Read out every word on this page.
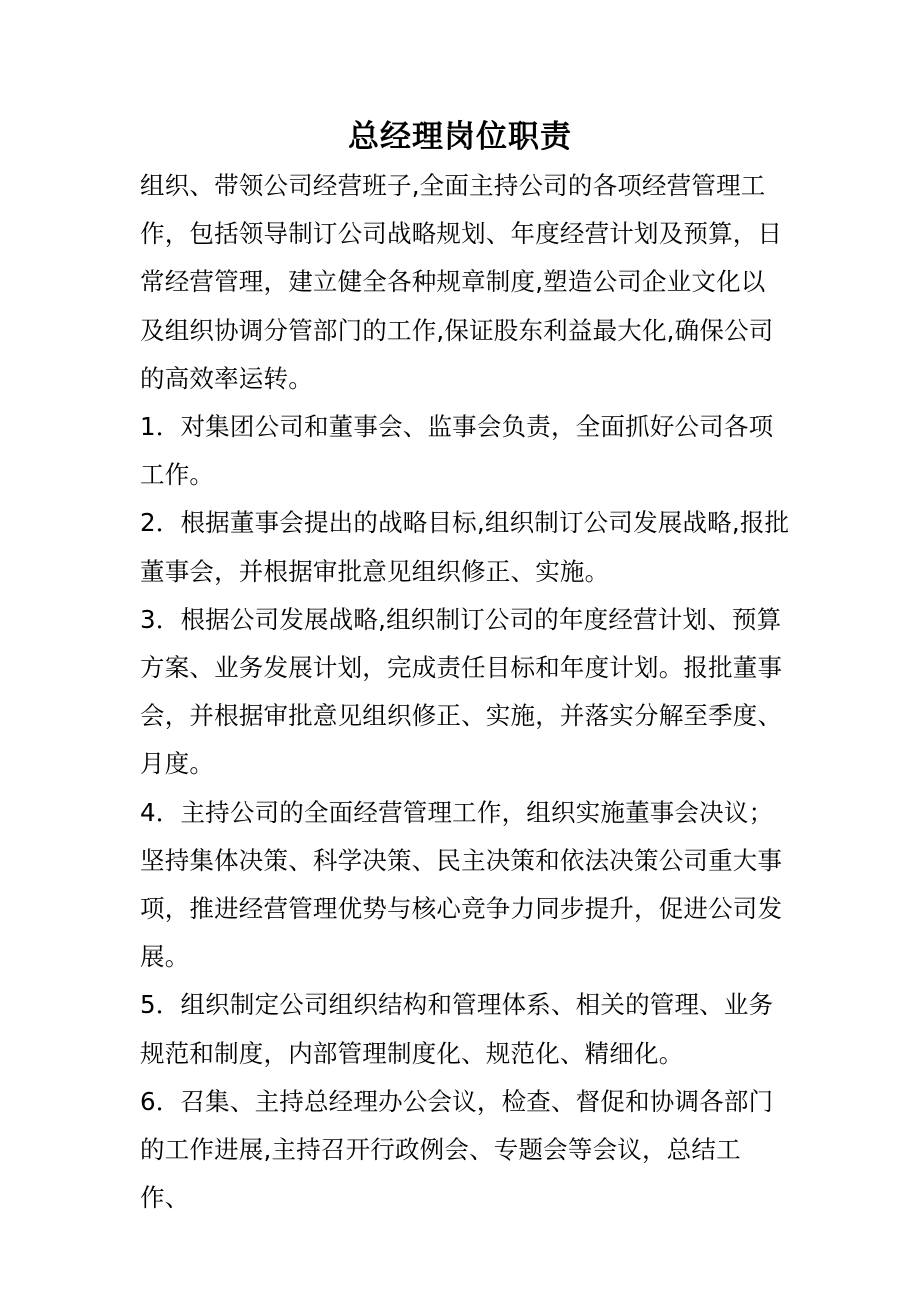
总经理岗位职责

组织、带领公司经营班子,全面主持公司的各项经营管理工作，包括领导制订公司战略规划、年度经营计划及预算，日常经营管理，建立健全各种规章制度,塑造公司企业文化以及组织协调分管部门的工作,保证股东利益最大化,确保公司的高效率运转。

1．对集团公司和董事会、监事会负责，全面抓好公司各项工作。

2．根据董事会提出的战略目标,组织制订公司发展战略,报批董事会，并根据审批意见组织修正、实施。

3．根据公司发展战略,组织制订公司的年度经营计划、预算方案、业务发展计划，完成责任目标和年度计划。报批董事会，并根据审批意见组织修正、实施，并落实分解至季度、月度。

4．主持公司的全面经营管理工作，组织实施董事会决议；坚持集体决策、科学决策、民主决策和依法决策公司重大事项，推进经营管理优势与核心竞争力同步提升，促进公司发展。

5．组织制定公司组织结构和管理体系、相关的管理、业务规范和制度，内部管理制度化、规范化、精细化。

6．召集、主持总经理办公会议，检查、督促和协调各部门的工作进展,主持召开行政例会、专题会等会议，总结工作、
